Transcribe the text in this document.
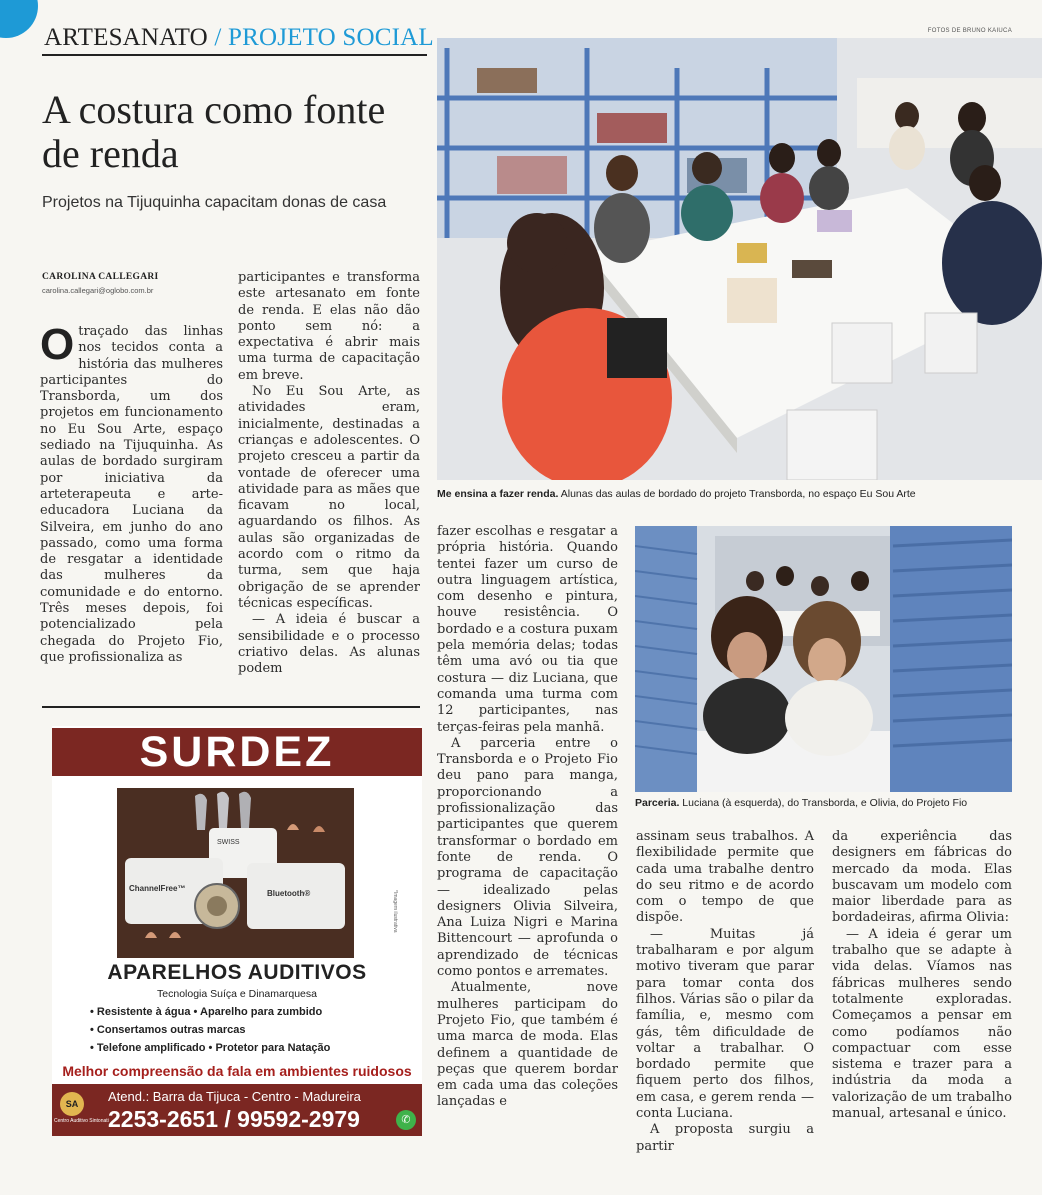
ARTESANATO / PROJETO SOCIAL	FOTOS DE BRUNO KAIUCA
A costura como fonte de renda
Projetos na Tijuquinha capacitam donas de casa
CAROLINA CALLEGARI
carolina.callegari@oglobo.com.br

Otraçado das linhas nos tecidos conta a história das mulheres participantes do Transborda, um dos projetos em funcionamento no Eu Sou Arte, espaço sediado na Tijuquinha. As aulas de bordado surgiram por iniciativa da arteterapeuta e arte-educadora Luciana da Silveira, em junho do ano passado, como uma forma de resgatar a identidade das mulheres da comunidade e do entorno. Três meses depois, foi potencializado pela chegada do Projeto Fio, que profissionaliza as

participantes e transforma este artesanato em fonte de renda. E elas não dão ponto sem nó: a expectativa é abrir mais uma turma de capacitação em breve.

No Eu Sou Arte, as atividades eram, inicialmente, destinadas a crianças e adolescentes. O projeto cresceu a partir da vontade de oferecer uma atividade para as mães que ficavam no local, aguardando os filhos. As aulas são organizadas de acordo com o ritmo da turma, sem que haja obrigação de se aprender técnicas específicas.

— A ideia é buscar a sensibilidade e o processo criativo delas. As alunas podem

Me ensina a fazer renda. Alunas das aulas de bordado do projeto Transborda, no espaço Eu Sou Arte

fazer escolhas e resgatar a própria história. Quando tentei fazer um curso de outra linguagem artística, com desenho e pintura, houve resistência. O bordado e a costura puxam pela memória delas; todas têm uma avó ou tia que costura — diz Luciana, que comanda uma turma com 12 participantes, nas terças-feiras pela manhã.

A parceria entre o Transborda e o Projeto Fio deu pano para manga, proporcionando a profissionalização das participantes que querem transformar o bordado em fonte de renda. O programa de capacitação — idealizado pelas designers Olivia Silveira, Ana Luiza Nigri e Marina Bittencourt — aprofunda o aprendizado de técnicas como pontos e arremates.

Atualmente, nove mulheres participam do Projeto Fio, que também é uma marca de moda. Elas definem a quantidade de peças que querem bordar em cada uma das coleções lançadas e

Parceria. Luciana (à esquerda), do Transborda, e Olivia, do Projeto Fio

assinam seus trabalhos. A flexibilidade permite que cada uma trabalhe dentro do seu ritmo e de acordo com o tempo de que dispõe.

— Muitas já trabalharam e por algum motivo tiveram que parar para tomar conta dos filhos. Várias são o pilar da família, e, mesmo com gás, têm dificuldade de voltar a trabalhar. O bordado permite que fiquem perto dos filhos, em casa, e gerem renda — conta Luciana.

A proposta surgiu a partir

da experiência das designers em fábricas do mercado da moda. Elas buscavam um modelo com maior liberdade para as bordadeiras, afirma Olivia:

— A ideia é gerar um trabalho que se adapte à vida delas. Víamos nas fábricas mulheres sendo totalmente exploradas. Começamos a pensar em como podíamos não compactuar com esse sistema e trazer para a indústria da moda a valorização de um trabalho manual, artesanal e único.

SURDEZ
SWISS
ChannelFree™
Bluetooth®
APARELHOS AUDITIVOS
Tecnologia Suíça e Dinamarquesa
• Resistente à água • Aparelho para zumbido
• Consertamos outras marcas
• Telefone amplificado • Protetor para Natação
Melhor compreensão da fala em ambientes ruidosos
SA
Centro Auditivo Sintonati
Atend.: Barra da Tijuca - Centro - Madureira
2253-2651 / 99592-2979	✆
*Imagem ilustrativa
